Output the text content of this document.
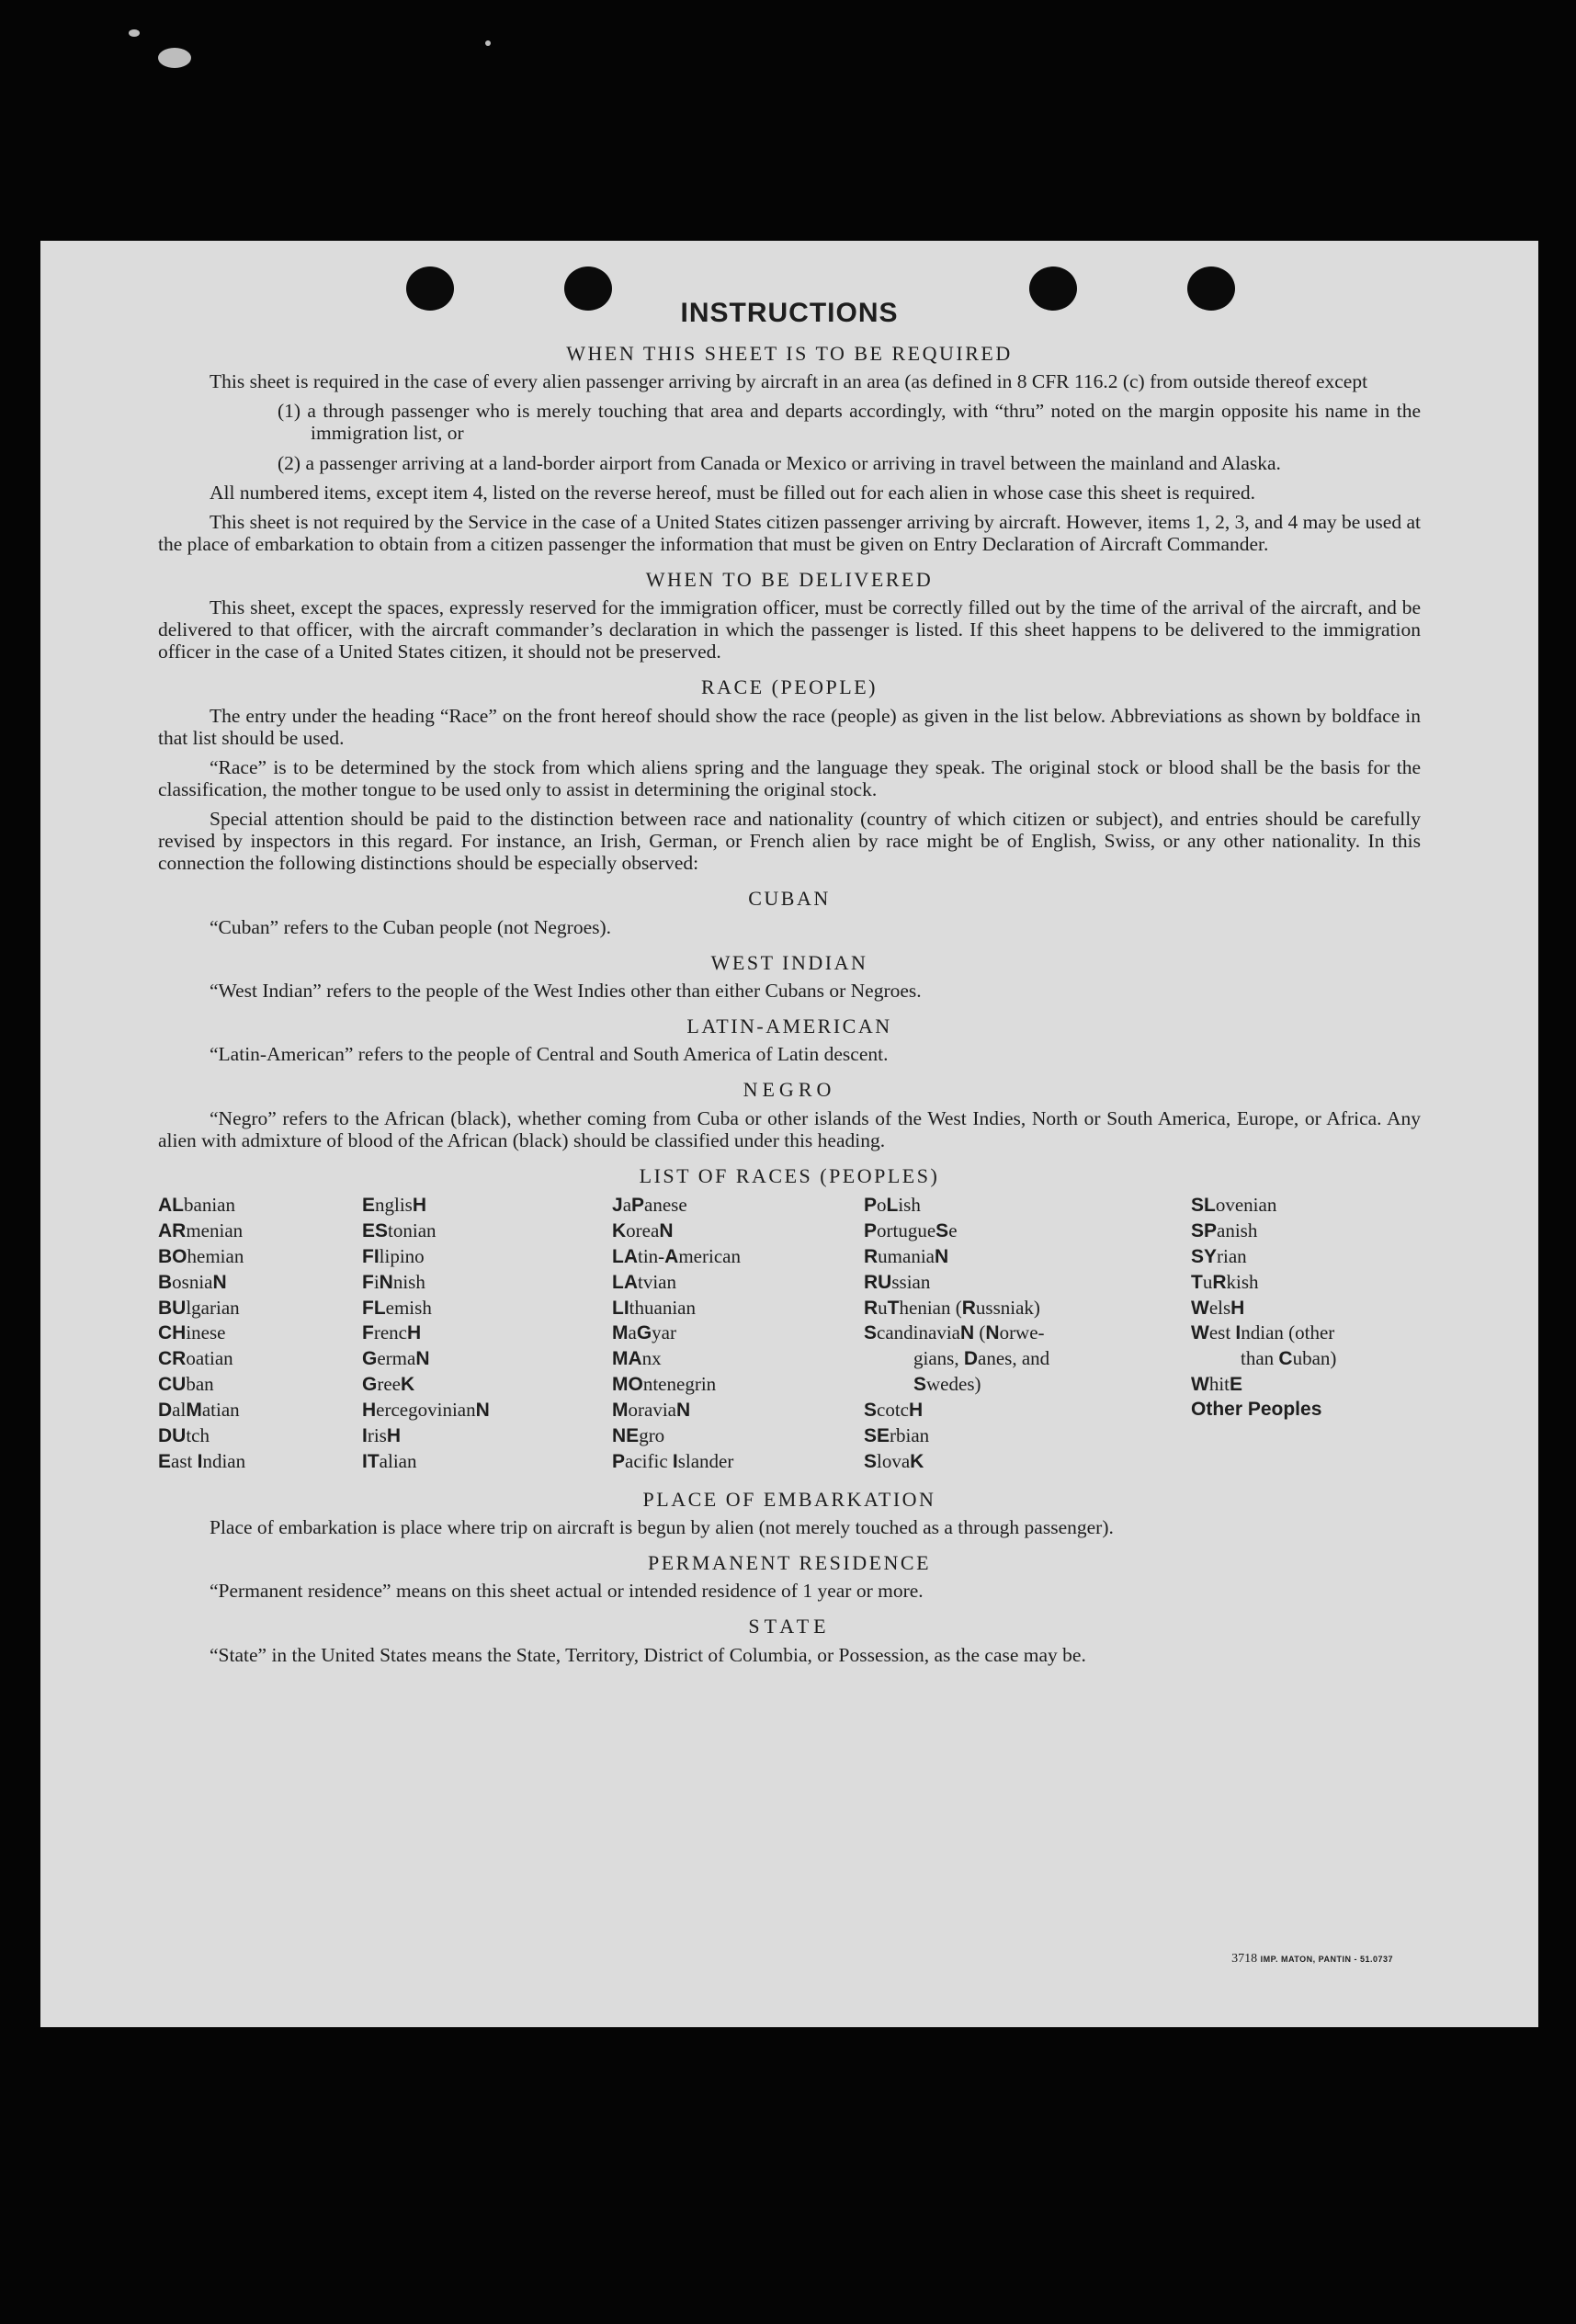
INSTRUCTIONS
WHEN THIS SHEET IS TO BE REQUIRED

This sheet is required in the case of every alien passenger arriving by aircraft in an area (as defined in 8 CFR 116.2 (c) from outside thereof except

(1) a through passenger who is merely touching that area and departs accordingly, with “thru” noted on the margin opposite his name in the immigration list, or

(2) a passenger arriving at a land-border airport from Canada or Mexico or arriving in travel between the mainland and Alaska.

All numbered items, except item 4, listed on the reverse hereof, must be filled out for each alien in whose case this sheet is required.

This sheet is not required by the Service in the case of a United States citizen passenger arriving by aircraft. However, items 1, 2, 3, and 4 may be used at the place of embarkation to obtain from a citizen passenger the information that must be given on Entry Declaration of Aircraft Commander.

WHEN TO BE DELIVERED

This sheet, except the spaces, expressly reserved for the immigration officer, must be correctly filled out by the time of the arrival of the aircraft, and be delivered to that officer, with the aircraft commander’s declaration in which the passenger is listed. If this sheet happens to be delivered to the immigration officer in the case of a United States citizen, it should not be preserved.

RACE (PEOPLE)

The entry under the heading “Race” on the front hereof should show the race (people) as given in the list below. Abbreviations as shown by boldface in that list should be used.

“Race” is to be determined by the stock from which aliens spring and the language they speak. The original stock or blood shall be the basis for the classification, the mother tongue to be used only to assist in determining the original stock.

Special attention should be paid to the distinction between race and nationality (country of which citizen or subject), and entries should be carefully revised by inspectors in this regard. For instance, an Irish, German, or French alien by race might be of English, Swiss, or any other nationality. In this connection the following distinctions should be especially observed:

CUBAN

“Cuban” refers to the Cuban people (not Negroes).

WEST INDIAN

“West Indian” refers to the people of the West Indies other than either Cubans or Negroes.

LATIN-AMERICAN

“Latin-American” refers to the people of Central and South America of Latin descent.

NEGRO

“Negro” refers to the African (black), whether coming from Cuba or other islands of the West Indies, North or South America, Europe, or Africa. Any alien with admixture of blood of the African (black) should be classified under this heading.

LIST OF RACES (PEOPLES)
ALbanian
ARmenian
BOhemian
BosniaN
BUlgarian
CHinese
CRoatian
CUban
DalMatian
DUtch
East Indian
EnglisH
EStonian
FIlipino
FiNnish
FLemish
FrencH
GermaN
GreeK
HercegovinianN
IrisH
ITalian
JaPanese
KoreaN
LAtin-American
LAtvian
LIthuanian
MaGyar
MAnx
MOntenegrin
MoraviaN
NEgro
Pacific Islander
PoLish
PortugueSe
RumaniaN
RUssian
RuThenian (Russniak)
ScandinaviaN (Norwe-
gians, Danes, and
Swedes)
ScotcH
SErbian
SlovaK
SLovenian
SPanish
SYrian
TuRkish
WelsH
West Indian (other
than Cuban)
WhitE
Other Peoples
PLACE OF EMBARKATION

Place of embarkation is place where trip on aircraft is begun by alien (not merely touched as a through passenger).

PERMANENT RESIDENCE

“Permanent residence” means on this sheet actual or intended residence of 1 year or more.

STATE

“State” in the United States means the State, Territory, District of Columbia, or Possession, as the case may be.

3718 IMP. MATON, PANTIN - 51.0737
